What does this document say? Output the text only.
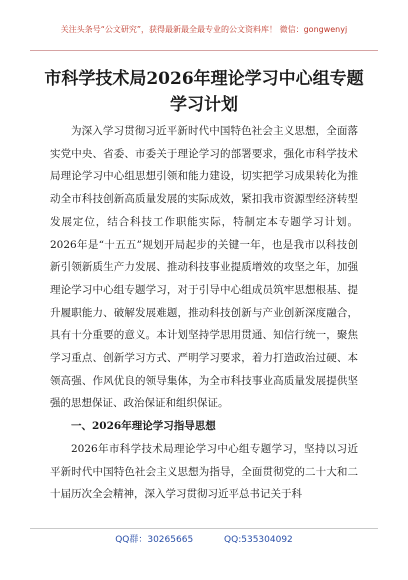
关注头条号“公文研究”，获得最新最全最专业的公文资料库！ 微信：gongwenyj
市科学技术局2026年理论学习中心组专题学习计划

为深入学习贯彻习近平新时代中国特色社会主义思想，全面落实党中央、省委、市委关于理论学习的部署要求，强化市科学技术局理论学习中心组思想引领和能力建设，切实把学习成果转化为推动全市科技创新高质量发展的实际成效，紧扣我市资源型经济转型发展定位，结合科技工作职能实际，特制定本专题学习计划。2026年是“十五五”规划开局起步的关键一年，也是我市以科技创新引领新质生产力发展、推动科技事业提质增效的攻坚之年，加强理论学习中心组专题学习，对于引导中心组成员筑牢思想根基、提升履职能力、破解发展难题，推动科技创新与产业创新深度融合，具有十分重要的意义。本计划坚持学思用贯通、知信行统一，聚焦学习重点、创新学习方式、严明学习要求，着力打造政治过硬、本领高强、作风优良的领导集体，为全市科技事业高质量发展提供坚强的思想保证、政治保证和组织保证。

一、2026年理论学习指导思想

2026年市科学技术局理论学习中心组专题学习，坚持以习近平新时代中国特色社会主义思想为指导，全面贯彻党的二十大和二十届历次全会精神，深入学习贯彻习近平总书记关于科

QQ群：30265665	QQ:535304092
